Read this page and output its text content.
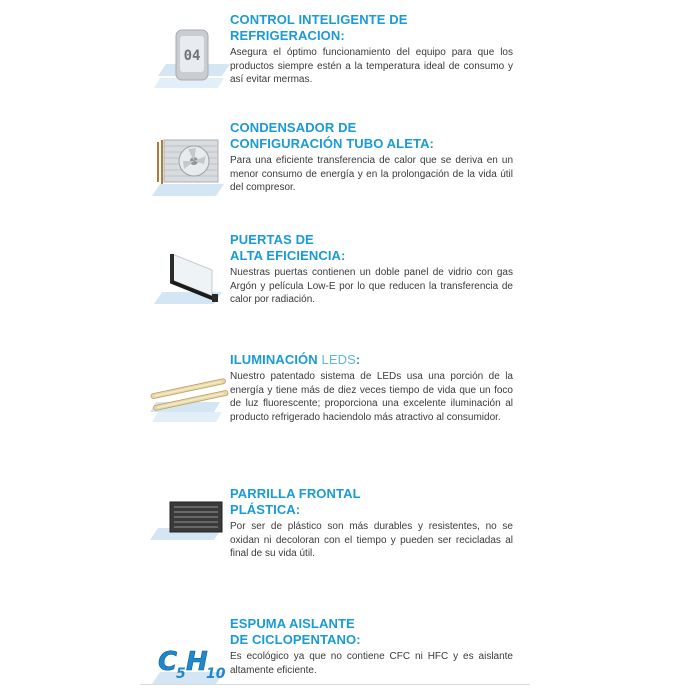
04

CONTROL INTELIGENTE DE
REFRIGERACION:

Asegura el óptimo funcionamiento del equipo para que los productos siempre estén a la temperatura ideal de consumo y así evitar mermas.

CONDENSADOR DE
CONFIGURACIÓN TUBO ALETA:

Para una eficiente transferencia de calor que se deriva en un menor consumo de energía y en la prolongación de la vida útil del compresor.

PUERTAS DE
ALTA EFICIENCIA:

Nuestras puertas contienen un doble panel de vidrio con gas Argón y película Low-E por lo que reducen la transferencia de calor por radiación.

ILUMINACIÓN LEDS:

Nuestro patentado sistema de LEDs usa una porción de la energía y tiene más de diez veces tiempo de vida que un foco de luz fluorescente; proporciona una excelente iluminación al producto refrigerado haciendolo más atractivo al consumidor.

PARRILLA FRONTAL
PLÁSTICA:

Por ser de plástico son más durables y resistentes, no se oxidan ni decoloran con el tiempo y pueden ser recicladas al final de su vida útil.

C
5 H
10

ESPUMA AISLANTE
DE CICLOPENTANO:

Es ecológico ya que no contiene CFC ni HFC y es aislante altamente eficiente.
